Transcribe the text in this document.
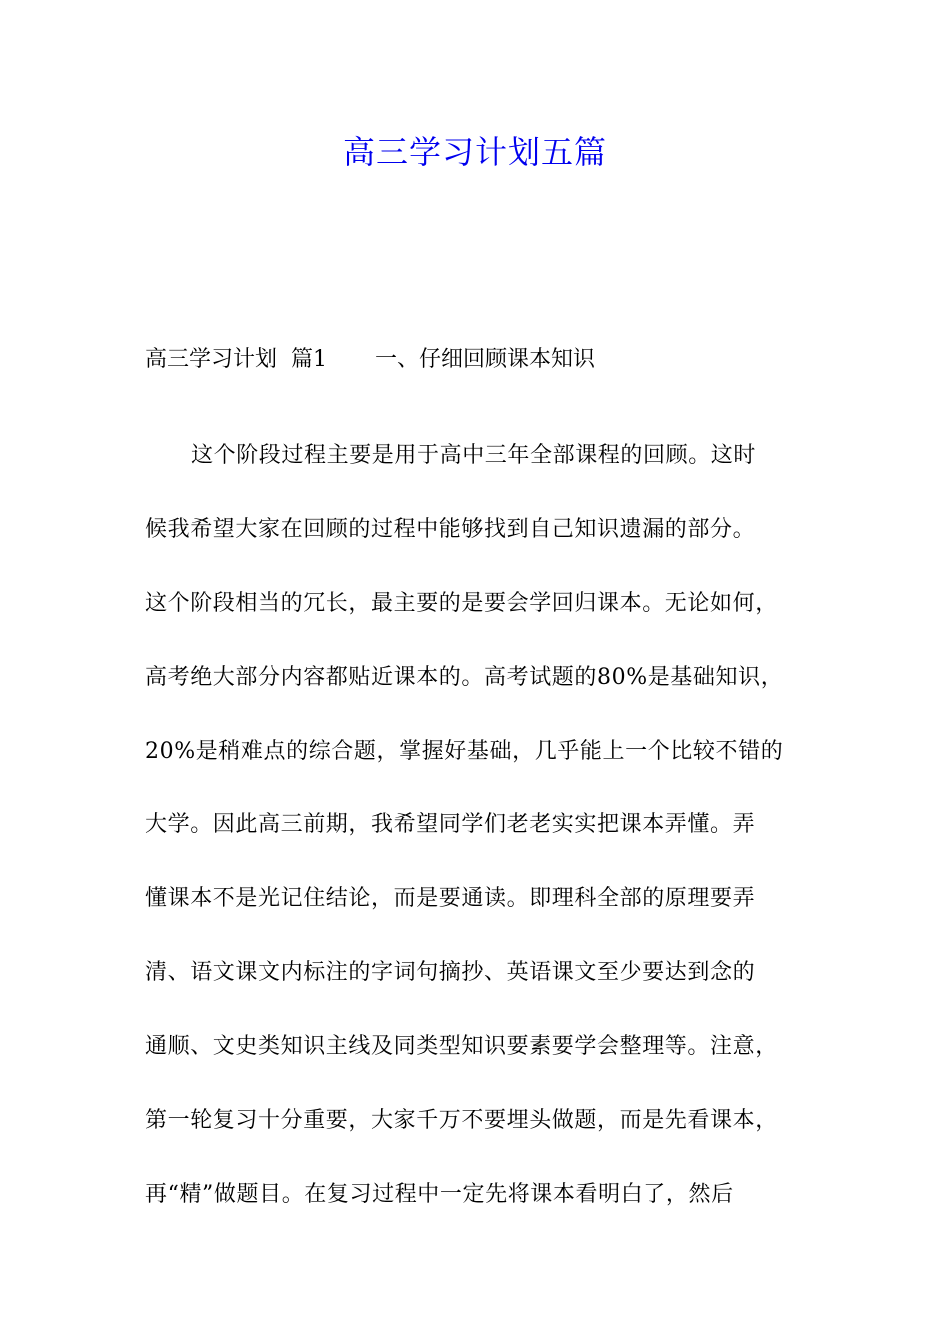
高三学习计划五篇
高三学习计划  篇1 一、仔细回顾课本知识
这个阶段过程主要是用于高中三年全部课程的回顾。这时
候我希望大家在回顾的过程中能够找到自己知识遗漏的部分。
这个阶段相当的冗长，最主要的是要会学回归课本。无论如何，
高考绝大部分内容都贴近课本的。高考试题的80%是基础知识，
20%是稍难点的综合题，掌握好基础，几乎能上一个比较不错的
大学。因此高三前期，我希望同学们老老实实把课本弄懂。弄
懂课本不是光记住结论，而是要通读。即理科全部的原理要弄
清、语文课文内标注的字词句摘抄、英语课文至少要达到念的
通顺、文史类知识主线及同类型知识要素要学会整理等。注意，
第一轮复习十分重要，大家千万不要埋头做题，而是先看课本，
再“精”做题目。在复习过程中一定先将课本看明白了，然后
